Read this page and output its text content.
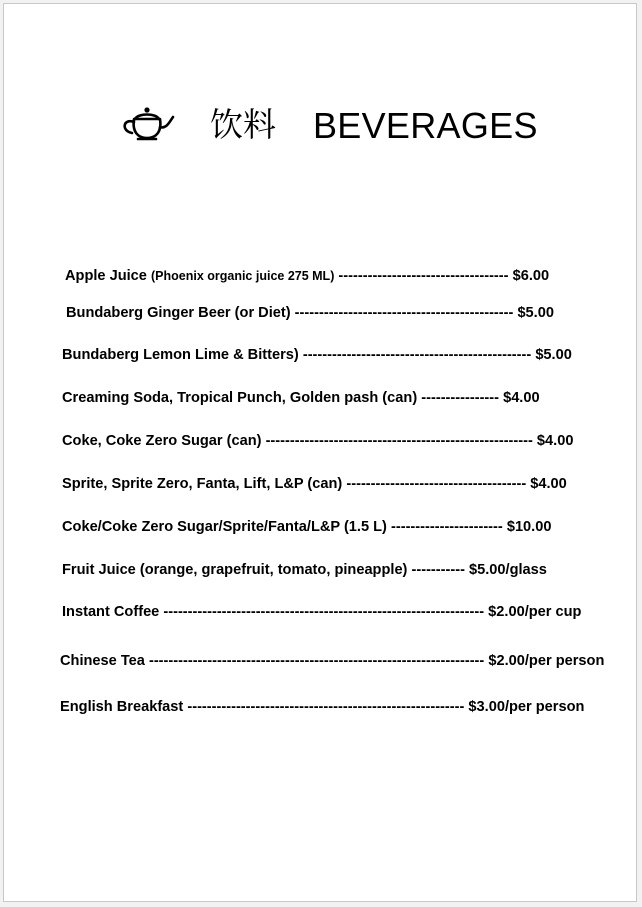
饮料 BEVERAGES
Apple Juice (Phoenix organic juice 275 ML) ----------------------------------- $6.00
Bundaberg Ginger Beer (or Diet) --------------------------------------------- $5.00
Bundaberg Lemon Lime & Bitters) ----------------------------------------------- $5.00
Creaming Soda, Tropical Punch, Golden pash (can) ---------------- $4.00
Coke, Coke Zero Sugar (can) ------------------------------------------------------- $4.00
Sprite, Sprite Zero, Fanta, Lift, L&P (can) ------------------------------------- $4.00
Coke/Coke Zero Sugar/Sprite/Fanta/L&P (1.5 L) ----------------------- $10.00
Fruit Juice (orange, grapefruit, tomato, pineapple) ----------- $5.00/glass
Instant Coffee ------------------------------------------------------------------ $2.00/per cup
Chinese Tea --------------------------------------------------------------------- $2.00/per person
English Breakfast --------------------------------------------------------- $3.00/per person
